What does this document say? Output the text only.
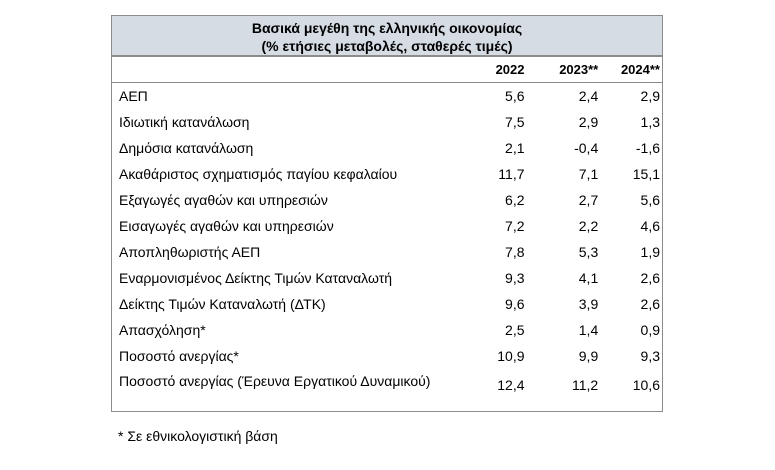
Βασικά μεγέθη της ελληνικής οικονομίας
(% ετήσιες μεταβολές, σταθερές τιμές)
2022	2023**	2024**
ΑΕΠ	5,6	2,4	2,9
Ιδιωτική κατανάλωση	7,5	2,9	1,3
Δημόσια κατανάλωση	2,1	-0,4	-1,6
Ακαθάριστος σχηματισμός παγίου κεφαλαίου	11,7	7,1	15,1
Εξαγωγές αγαθών και υπηρεσιών	6,2	2,7	5,6
Εισαγωγές αγαθών και υπηρεσιών	7,2	2,2	4,6
Αποπληθωριστής ΑΕΠ	7,8	5,3	1,9
Εναρμονισμένος Δείκτης Τιμών Καταναλωτή	9,3	4,1	2,6
Δείκτης Τιμών Καταναλωτή (ΔΤΚ)	9,6	3,9	2,6
Απασχόληση*	2,5	1,4	0,9
Ποσοστό ανεργίας*	10,9	9,9	9,3
Ποσοστό ανεργίας (Έρευνα Εργατικού Δυναμικού)	12,4	11,2	10,6
* Σε εθνικολογιστική βάση
